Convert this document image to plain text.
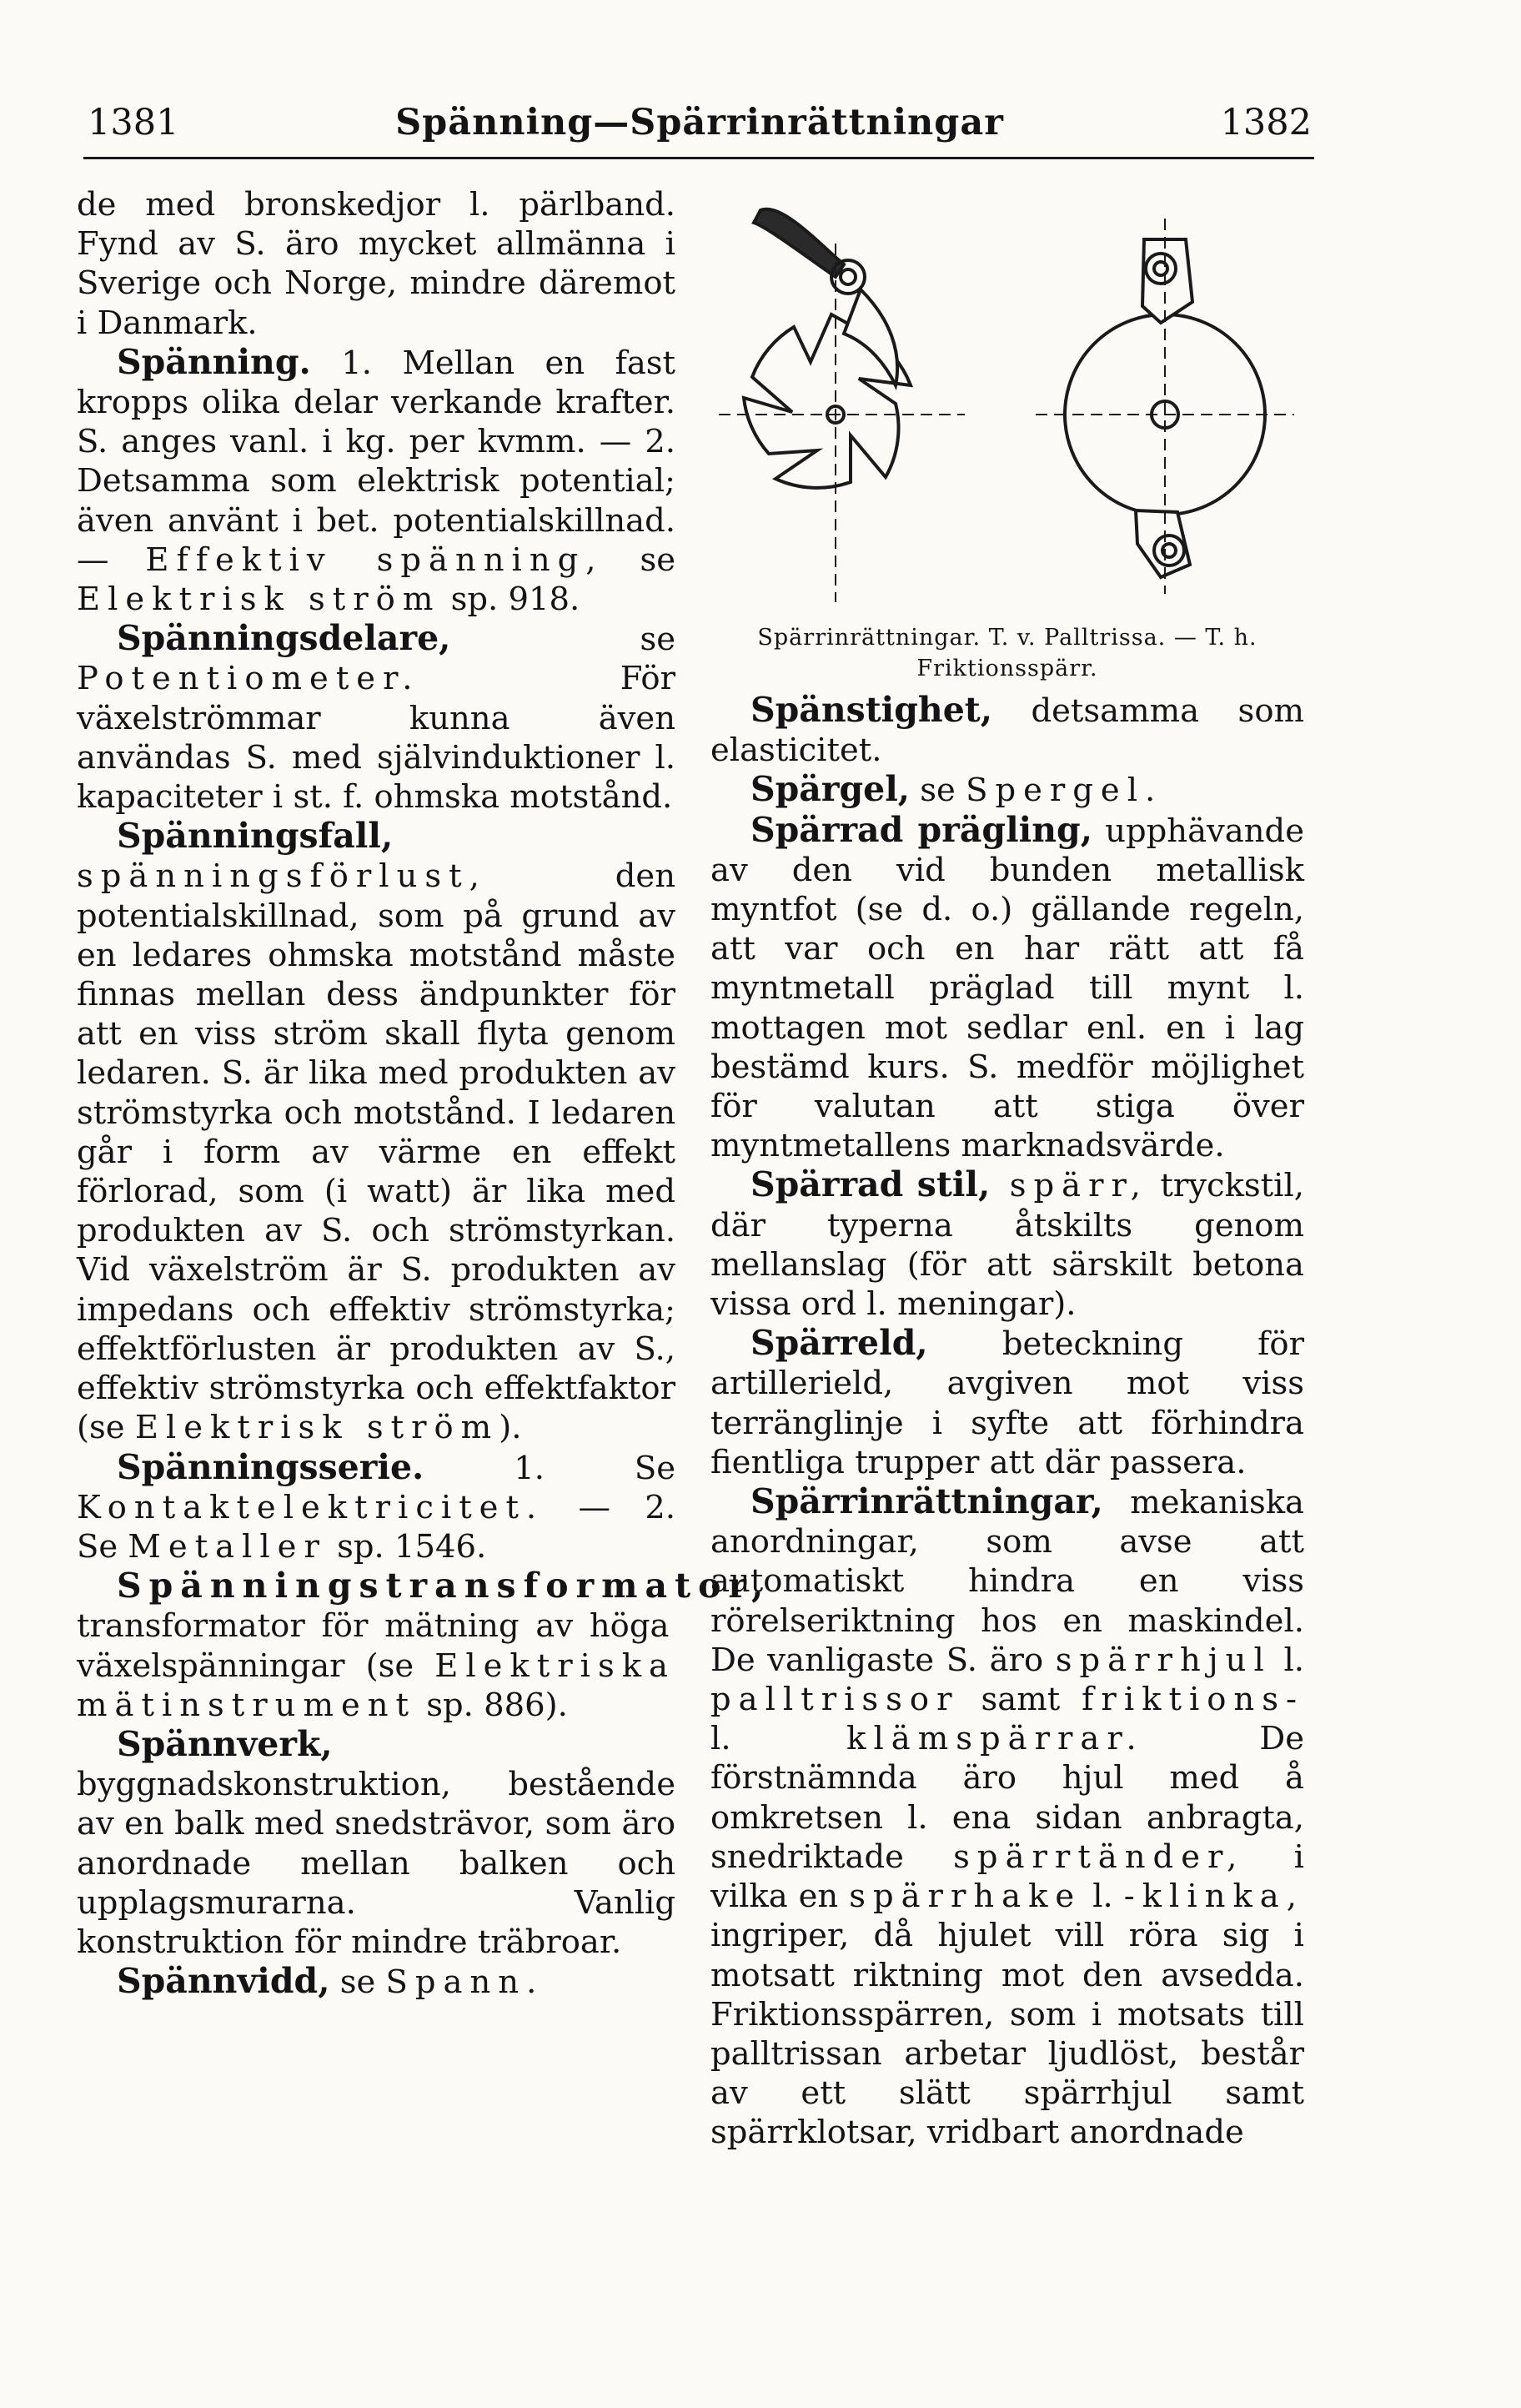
1381	Spänning—Spärrinrättningar	1382

de med bronskedjor l. pärlband. Fynd av S. äro mycket allmänna i Sverige och Norge, mindre däremot i Danmark.

Spänning. 1. Mellan en fast kropps olika delar verkande krafter. S. anges vanl. i kg. per kvmm. — 2. Detsamma som elektrisk potential; även använt i bet. potentialskillnad. — Effektiv spänning, se Elektrisk ström sp. 918.

Spänningsdelare, se Potentiometer. För växelströmmar kunna även användas S. med självinduktioner l. kapaciteter i st. f. ohmska motstånd.

Spänningsfall, spänningsförlust, den potentialskillnad, som på grund av en ledares ohmska motstånd måste finnas mellan dess ändpunkter för att en viss ström skall flyta genom ledaren. S. är lika med produkten av strömstyrka och motstånd. I ledaren går i form av värme en effekt förlorad, som (i watt) är lika med produkten av S. och strömstyrkan. Vid växelström är S. produkten av impedans och effektiv strömstyrka; effektförlusten är produkten av S., effektiv strömstyrka och effektfaktor (se Elektrisk ström).

Spänningsserie. 1. Se Kontaktelektricitet. — 2. Se Metaller sp. 1546.

Spänningstransformator, transformator för mätning av höga växelspänningar (se Elektriska mätinstrument sp. 886).

Spännverk, byggnadskonstruktion, bestående av en balk med snedsträvor, som äro anordnade mellan balken och upplagsmurarna. Vanlig konstruktion för mindre träbroar.

Spännvidd, se Spann.

Spärrinrättningar. T. v. Palltrissa. — T. h. Friktionsspärr.

Spänstighet, detsamma som elasticitet.

Spärgel, se Spergel.

Spärrad prägling, upphävande av den vid bunden metallisk myntfot (se d. o.) gällande regeln, att var och en har rätt att få myntmetall präglad till mynt l. mottagen mot sedlar enl. en i lag bestämd kurs. S. medför möjlighet för valutan att stiga över myntmetallens marknadsvärde.

Spärrad stil, spärr, tryckstil, där typerna åtskilts genom mellanslag (för att särskilt betona vissa ord l. meningar).

Spärreld, beteckning för artillerield, avgiven mot viss terränglinje i syfte att förhindra fientliga trupper att där passera.

Spärrinrättningar, mekaniska anordningar, som avse att automatiskt hindra en viss rörelseriktning hos en maskindel. De vanligaste S. äro spärrhjul l. palltrissor samt friktions- l. klämspärrar. De förstnämnda äro hjul med å omkretsen l. ena sidan anbragta, snedriktade spärrtänder, i vilka en spärrhake l. -klinka, ingriper, då hjulet vill röra sig i motsatt riktning mot den avsedda. Friktionsspärren, som i motsats till palltrissan arbetar ljudlöst, består av ett slätt spärrhjul samt spärrklotsar, vridbart anordnade
